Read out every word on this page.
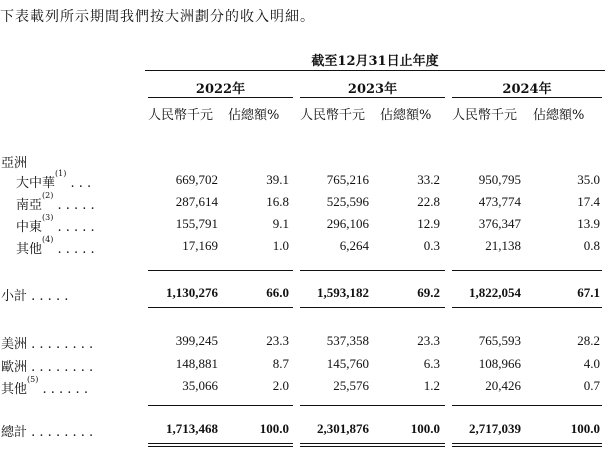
下表載列所示期間我們按大洲劃分的收入明細。
截至12月31日止年度
2022年	2023年	2024年
人民幣千元 佔總額% 人民幣千元 佔總額% 人民幣千元 佔總額%
亞洲
大中華$^{(1)}$ . . .	669,702	39.1	765,216	33.2	950,795	35.0
南亞$^{(2)}$ . . . . .	287,614	16.8	525,596	22.8	473,774	17.4
中東$^{(3)}$ . . . . .	155,791	9.1	296,106	12.9	376,347	13.9
其他$^{(4)}$ . . . . .	17,169	1.0	6,264	0.3	21,138	0.8
小計 . . . . .	1,130,276	66.0	1,593,182	69.2	1,822,054	67.1
美洲 . . . . . . . .	399,245	23.3	537,358	23.3	765,593	28.2
歐洲 . . . . . . . .	148,881	8.7	145,760	6.3	108,966	4.0
其他$^{(5)}$ . . . . . .	35,066	2.0	25,576	1.2	20,426	0.7
總計 . . . . . . . .	1,713,468	100.0	2,301,876	100.0	2,717,039	100.0
